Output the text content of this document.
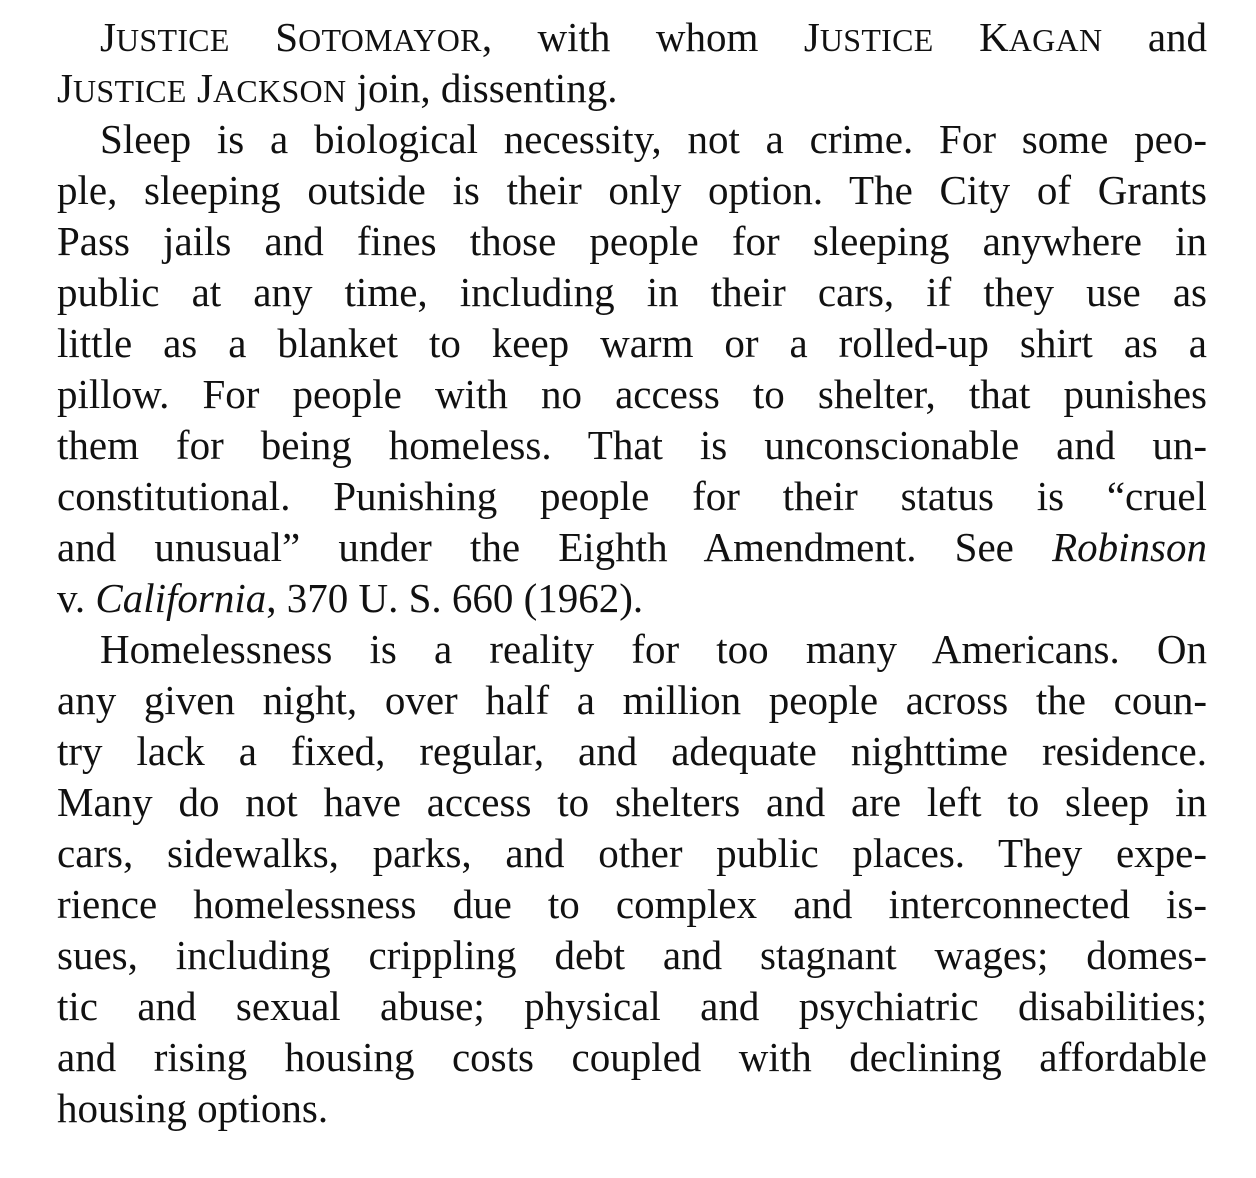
JUSTICE SOTOMAYOR, with whom JUSTICE KAGAN and
JUSTICE JACKSON join, dissenting.
Sleep is a biological necessity, not a crime. For some peo-
ple, sleeping outside is their only option. The City of Grants
Pass jails and fines those people for sleeping anywhere in
public at any time, including in their cars, if they use as
little as a blanket to keep warm or a rolled-up shirt as a
pillow. For people with no access to shelter, that punishes
them for being homeless. That is unconscionable and un-
constitutional. Punishing people for their status is “cruel
and unusual” under the Eighth Amendment. See Robinson
v. California, 370 U. S. 660 (1962).
Homelessness is a reality for too many Americans. On
any given night, over half a million people across the coun-
try lack a fixed, regular, and adequate nighttime residence.
Many do not have access to shelters and are left to sleep in
cars, sidewalks, parks, and other public places. They expe-
rience homelessness due to complex and interconnected is-
sues, including crippling debt and stagnant wages; domes-
tic and sexual abuse; physical and psychiatric disabilities;
and rising housing costs coupled with declining affordable
housing options.
